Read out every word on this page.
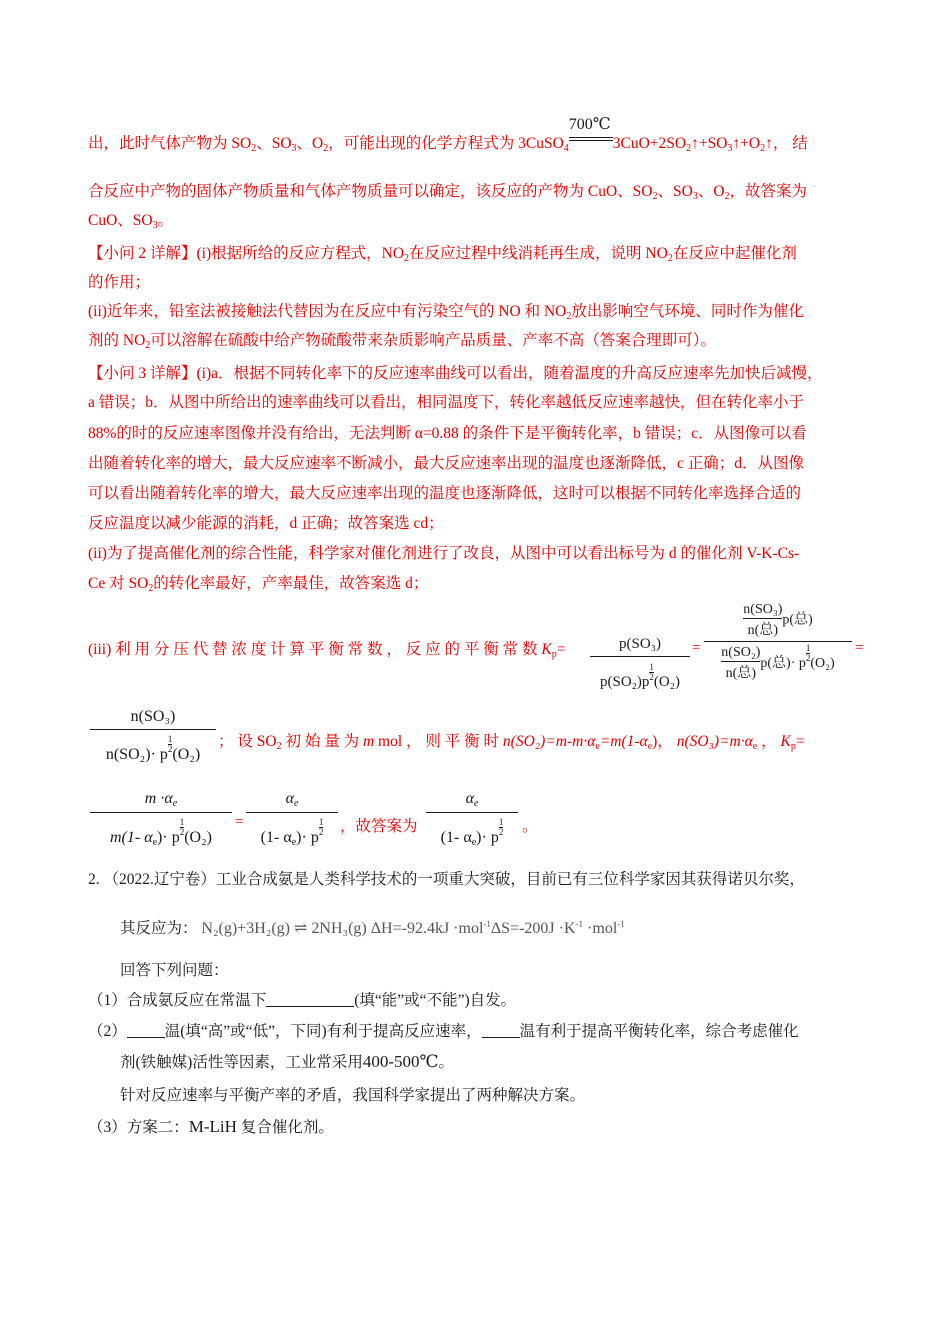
出，此时气体产物为 $SO_2$、$SO_3$、$O_2$，可能出现的化学方程式为 3CuSO$_4$
700℃
$3CuO+2SO_2↑+SO_3↑+O_2↑$， 结
合反应中产物的固体产物质量和气体产物质量可以确定，该反应的产物为 CuO、$SO_2$、$SO_3$、$O_2$，故答案为
CuO、$SO_3$。
【小问 2 详解】(i)根据所给的反应方程式，$NO_2$在反应过程中线消耗再生成，说明 $NO_2$在反应中起催化剂
的作用；
(ii)近年来，铅室法被接触法代替因为在反应中有污染空气的 NO 和 $NO_2$放出影响空气环境、同时作为催化
剂的 $NO_2$可以溶解在硫酸中给产物硫酸带来杂质影响产品质量、产率不高（答案合理即可）。
【小问 3 详解】(i)a．根据不同转化率下的反应速率曲线可以看出，随着温度的升高反应速率先加快后减慢，
a 错误；b．从图中所给出的速率曲线可以看出，相同温度下，转化率越低反应速率越快，但在转化率小于
88%的时的反应速率图像并没有给出，无法判断 α=0.88 的条件下是平衡转化率，b 错误；c．从图像可以看
出随着转化率的增大，最大反应速率不断减小，最大反应速率出现的温度也逐渐降低，c 正确；d．从图像
可以看出随着转化率的增大，最大反应速率出现的温度也逐渐降低，这时可以根据不同转化率选择合适的
反应温度以减少能源的消耗，d 正确；故答案选 cd；
(ii)为了提高催化剂的综合性能，科学家对催化剂进行了改良，从图中可以看出标号为 d 的催化剂 V-K-Cs-
Ce 对 $SO_2$的转化率最好，产率最佳，故答案选 d；
(iii) 利 用 分 压 代 替 浓 度 计 算 平 衡 常 数 ， 反 应 的 平 衡 常 数 $K_p=$	p(SO₃)
$p(SO_2)p \frac{1}{2} (O_2)$
=
n(SO₃)
n(总)
p(总)
n(SO₂)
n(总)
p(总)· p
$\frac{1}{2}$
(O₂)
=
n(SO₃)
n(SO₂)· p
$\frac{1}{2}$
(O₂)
； 设 $SO_2$ 初 始 量 为 m mol ， 则 平 衡 时 $n(SO_2)=m-m\cdot\alpha_e=m(1-\alpha_e)$， $n(SO_3)=m\cdot\alpha_e$ ， $K_p=$
$m \cdot\alpha_e$
m(1- $\alpha_e)\cdot p$
$\frac{1}{2}$
(O₂)
=
$\alpha_e$
(1- $\alpha_e)\cdot p$
$\frac{1}{2}$ ，故答案为
$\alpha_e$
(1- $\alpha_e)\cdot p$
$\frac{1}{2}$ 。
2. （2022.辽宁卷）工业合成氨是人类科学技术的一项重大突破，目前已有三位科学家因其获得诺贝尔奖，
其反应为： N₂(g)+3H₂(g) ⇌ 2NH₃(g) $\Delta H=-92.4kJ \cdot mol^{-1}\Delta S=-200J \cdot K^{-1} \cdot mol^{-1}$
回答下列问题：
（1）合成氨反应在常温下	(填“能”或“不能”)自发。
（2） 温(填“高”或“低”，下同)有利于提高反应速率， 温有利于提高平衡转化率，综合考虑催化
剂(铁触媒)活性等因素，工业常采用400-500℃。
针对反应速率与平衡产率的矛盾，我国科学家提出了两种解决方案。
（3）方案二：M-LiH 复合催化剂。
